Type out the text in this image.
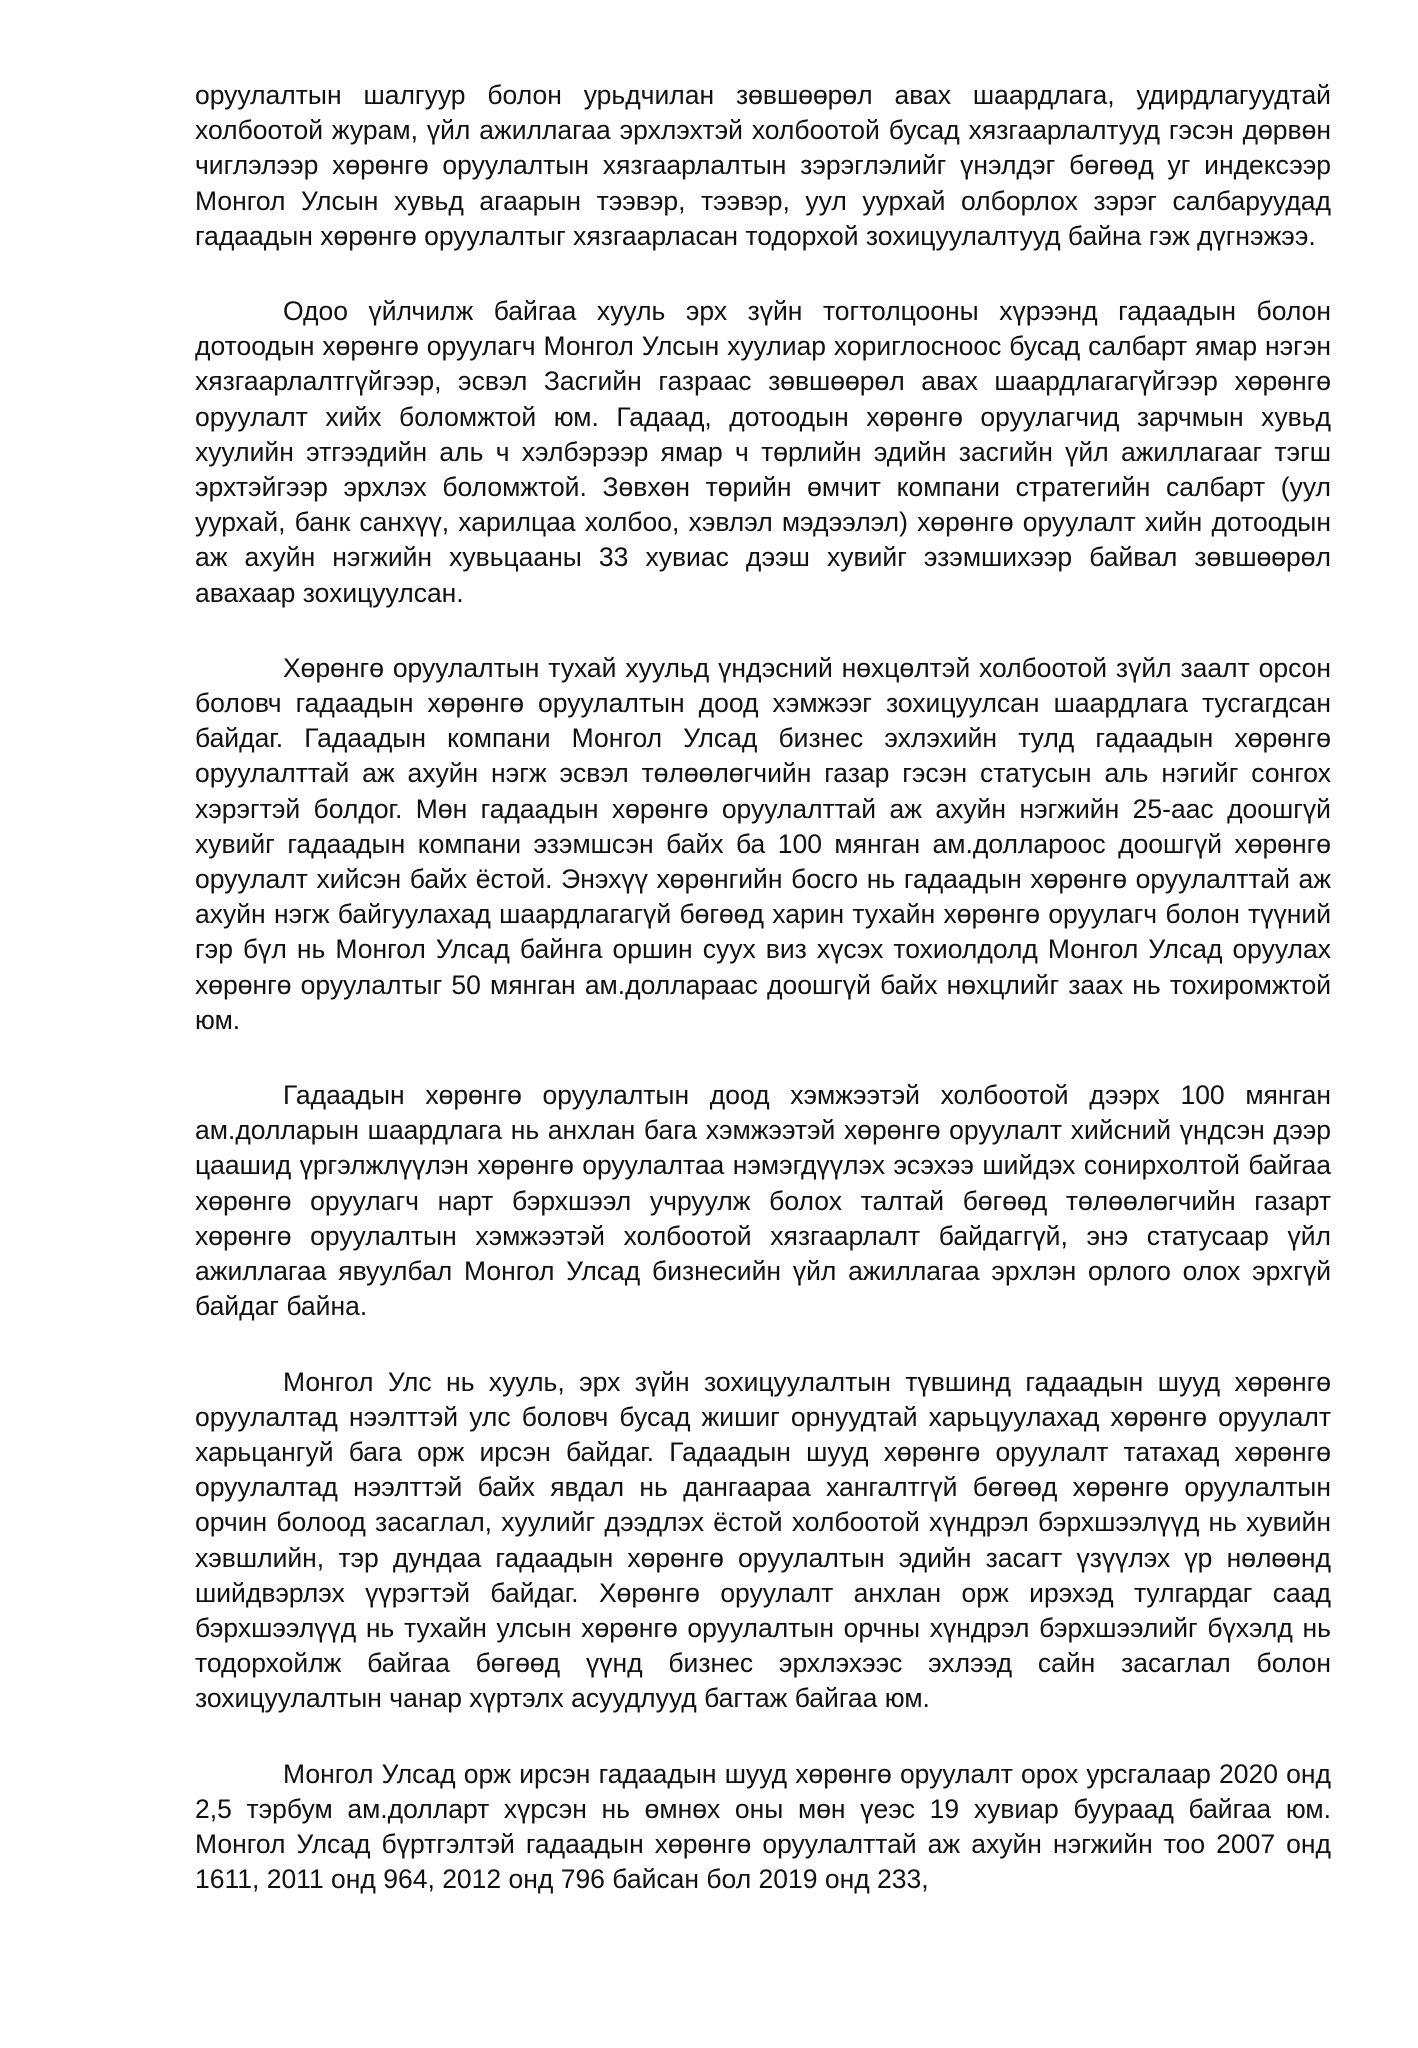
оруулалтын шалгуур болон урьдчилан зөвшөөрөл авах шаардлага, удирдлагуудтай холбоотой журам, үйл ажиллагаа эрхлэхтэй холбоотой бусад хязгаарлалтууд гэсэн дөрвөн чиглэлээр хөрөнгө оруулалтын хязгаарлалтын зэрэглэлийг үнэлдэг бөгөөд уг индексээр Монгол Улсын хувьд агаарын тээвэр, тээвэр, уул уурхай олборлох зэрэг салбаруудад гадаадын хөрөнгө оруулалтыг хязгаарласан тодорхой зохицуулалтууд байна гэж дүгнэжээ.

Одоо үйлчилж байгаа хууль эрх зүйн тогтолцооны хүрээнд гадаадын болон дотоодын хөрөнгө оруулагч Монгол Улсын хуулиар хориглосноос бусад салбарт ямар нэгэн хязгаарлалтгүйгээр, эсвэл Засгийн газраас зөвшөөрөл авах шаардлагагүйгээр хөрөнгө оруулалт хийх боломжтой юм. Гадаад, дотоодын хөрөнгө оруулагчид зарчмын хувьд хуулийн этгээдийн аль ч хэлбэрээр ямар ч төрлийн эдийн засгийн үйл ажиллагааг тэгш эрхтэйгээр эрхлэх боломжтой. Зөвхөн төрийн өмчит компани стратегийн салбарт (уул уурхай, банк санхүү, харилцаа холбоо, хэвлэл мэдээлэл) хөрөнгө оруулалт хийн дотоодын аж ахуйн нэгжийн хувьцааны 33 хувиас дээш хувийг эзэмшихээр байвал зөвшөөрөл авахаар зохицуулсан.

Хөрөнгө оруулалтын тухай хуульд үндэсний нөхцөлтэй холбоотой зүйл заалт орсон боловч гадаадын хөрөнгө оруулалтын доод хэмжээг зохицуулсан шаардлага тусгагдсан байдаг. Гадаадын компани Монгол Улсад бизнес эхлэхийн тулд гадаадын хөрөнгө оруулалттай аж ахуйн нэгж эсвэл төлөөлөгчийн газар гэсэн статусын аль нэгийг сонгох хэрэгтэй болдог. Мөн гадаадын хөрөнгө оруулалттай аж ахуйн нэгжийн 25-аас доошгүй хувийг гадаадын компани эзэмшсэн байх ба 100 мянган ам.доллароос доошгүй хөрөнгө оруулалт хийсэн байх ёстой. Энэхүү хөрөнгийн босго нь гадаадын хөрөнгө оруулалттай аж ахуйн нэгж байгуулахад шаардлагагүй бөгөөд харин тухайн хөрөнгө оруулагч болон түүний гэр бүл нь Монгол Улсад байнга оршин суух виз хүсэх тохиолдолд Монгол Улсад оруулах хөрөнгө оруулалтыг 50 мянган ам.доллараас доошгүй байх нөхцлийг заах нь тохиромжтой юм.

Гадаадын хөрөнгө оруулалтын доод хэмжээтэй холбоотой дээрх 100 мянган ам.долларын шаардлага нь анхлан бага хэмжээтэй хөрөнгө оруулалт хийсний үндсэн дээр цаашид үргэлжлүүлэн хөрөнгө оруулалтаа нэмэгдүүлэх эсэхээ шийдэх сонирхолтой байгаа хөрөнгө оруулагч нарт бэрхшээл учруулж болох талтай бөгөөд төлөөлөгчийн газарт хөрөнгө оруулалтын хэмжээтэй холбоотой хязгаарлалт байдаггүй, энэ статусаар үйл ажиллагаа явуулбал Монгол Улсад бизнесийн үйл ажиллагаа эрхлэн орлого олох эрхгүй байдаг байна.

Монгол Улс нь хууль, эрх зүйн зохицуулалтын түвшинд гадаадын шууд хөрөнгө оруулалтад нээлттэй улс боловч бусад жишиг орнуудтай харьцуулахад хөрөнгө оруулалт харьцангуй бага орж ирсэн байдаг. Гадаадын шууд хөрөнгө оруулалт татахад хөрөнгө оруулалтад нээлттэй байх явдал нь дангаараа хангалтгүй бөгөөд хөрөнгө оруулалтын орчин болоод засаглал, хуулийг дээдлэх ёстой холбоотой хүндрэл бэрхшээлүүд нь хувийн хэвшлийн, тэр дундаа гадаадын хөрөнгө оруулалтын эдийн засагт үзүүлэх үр нөлөөнд шийдвэрлэх үүрэгтэй байдаг. Хөрөнгө оруулалт анхлан орж ирэхэд тулгардаг саад бэрхшээлүүд нь тухайн улсын хөрөнгө оруулалтын орчны хүндрэл бэрхшээлийг бүхэлд нь тодорхойлж байгаа бөгөөд үүнд бизнес эрхлэхээс эхлээд сайн засаглал болон зохицуулалтын чанар хүртэлх асуудлууд багтаж байгаа юм.

Монгол Улсад орж ирсэн гадаадын шууд хөрөнгө оруулалт орох урсгалаар 2020 онд 2,5 тэрбум ам.долларт хүрсэн нь өмнөх оны мөн үеэс 19 хувиар буураад байгаа юм. Монгол Улсад бүртгэлтэй гадаадын хөрөнгө оруулалттай аж ахуйн нэгжийн тоо 2007 онд 1611, 2011 онд 964, 2012 онд 796 байсан бол 2019 онд 233,
